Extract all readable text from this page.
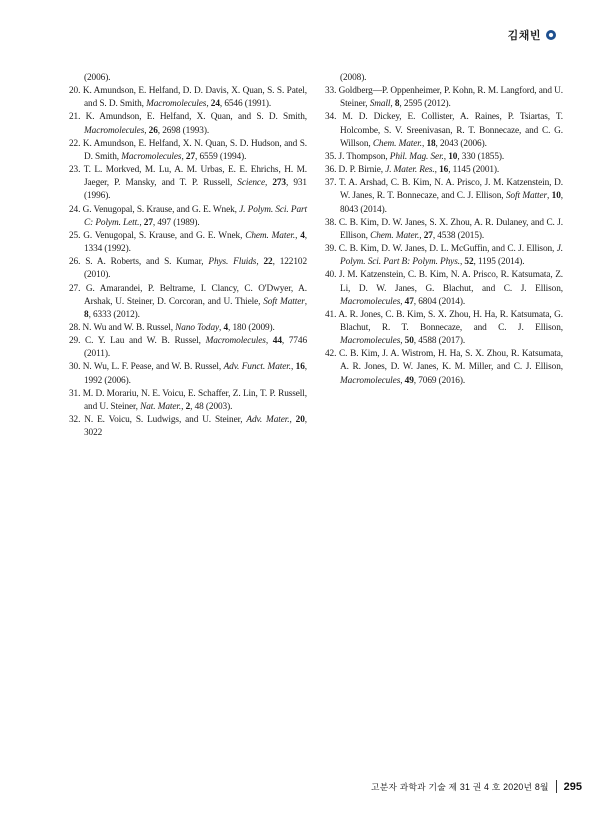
김채빈
(2006).
20. K. Amundson, E. Helfand, D. D. Davis, X. Quan, S. S. Patel, and S. D. Smith, Macromolecules, 24, 6546 (1991).
21. K. Amundson, E. Helfand, X. Quan, and S. D. Smith, Macromolecules, 26, 2698 (1993).
22. K. Amundson, E. Helfand, X. N. Quan, S. D. Hudson, and S. D. Smith, Macromolecules, 27, 6559 (1994).
23. T. L. Morkved, M. Lu, A. M. Urbas, E. E. Ehrichs, H. M. Jaeger, P. Mansky, and T. P. Russell, Science, 273, 931 (1996).
24. G. Venugopal, S. Krause, and G. E. Wnek, J. Polym. Sci. Part C: Polym. Lett., 27, 497 (1989).
25. G. Venugopal, S. Krause, and G. E. Wnek, Chem. Mater., 4, 1334 (1992).
26. S. A. Roberts, and S. Kumar, Phys. Fluids, 22, 122102 (2010).
27. G. Amarandei, P. Beltrame, I. Clancy, C. O'Dwyer, A. Arshak, U. Steiner, D. Corcoran, and U. Thiele, Soft Matter, 8, 6333 (2012).
28. N. Wu and W. B. Russel, Nano Today, 4, 180 (2009).
29. C. Y. Lau and W. B. Russel, Macromolecules, 44, 7746 (2011).
30. N. Wu, L. F. Pease, and W. B. Russel, Adv. Funct. Mater., 16, 1992 (2006).
31. M. D. Morariu, N. E. Voicu, E. Schaffer, Z. Lin, T. P. Russell, and U. Steiner, Nat. Mater., 2, 48 (2003).
32. N. E. Voicu, S. Ludwigs, and U. Steiner, Adv. Mater., 20, 3022
(2008).
33. Goldberg—P. Oppenheimer, P. Kohn, R. M. Langford, and U. Steiner, Small, 8, 2595 (2012).
34. M. D. Dickey, E. Collister, A. Raines, P. Tsiartas, T. Holcombe, S. V. Sreenivasan, R. T. Bonnecaze, and C. G. Willson, Chem. Mater., 18, 2043 (2006).
35. J. Thompson, Phil. Mag. Ser., 10, 330 (1855).
36. D. P. Birnie, J. Mater. Res., 16, 1145 (2001).
37. T. A. Arshad, C. B. Kim, N. A. Prisco, J. M. Katzenstein, D. W. Janes, R. T. Bonnecaze, and C. J. Ellison, Soft Matter, 10, 8043 (2014).
38. C. B. Kim, D. W. Janes, S. X. Zhou, A. R. Dulaney, and C. J. Ellison, Chem. Mater., 27, 4538 (2015).
39. C. B. Kim, D. W. Janes, D. L. McGuffin, and C. J. Ellison, J. Polym. Sci. Part B: Polym. Phys., 52, 1195 (2014).
40. J. M. Katzenstein, C. B. Kim, N. A. Prisco, R. Katsumata, Z. Li, D. W. Janes, G. Blachut, and C. J. Ellison, Macromolecules, 47, 6804 (2014).
41. A. R. Jones, C. B. Kim, S. X. Zhou, H. Ha, R. Katsumata, G. Blachut, R. T. Bonnecaze, and C. J. Ellison, Macromolecules, 50, 4588 (2017).
42. C. B. Kim, J. A. Wistrom, H. Ha, S. X. Zhou, R. Katsumata, A. R. Jones, D. W. Janes, K. M. Miller, and C. J. Ellison, Macromolecules, 49, 7069 (2016).
고분자 과학과 기술 제 31 권 4 호 2020년 8월 295
